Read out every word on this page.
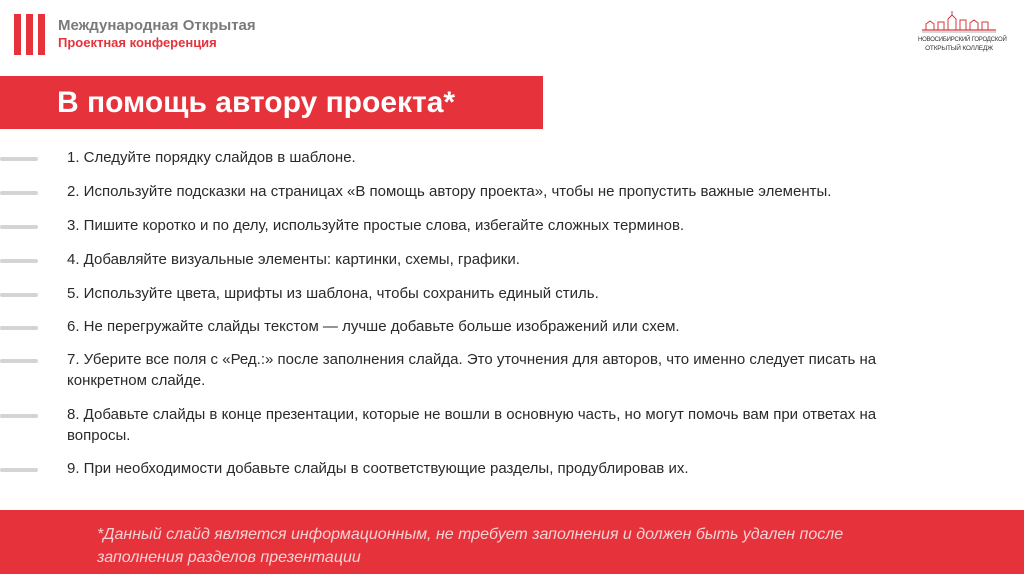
Международная Открытая
Проектная конференция	НОВОСИБИРСКИЙ ГОРОДСКОЙ
ОТКРЫТЫЙ КОЛЛЕДЖ
В помощь автору проекта*
1. Следуйте порядку слайдов в шаблоне.
2. Используйте подсказки на страницах «В помощь автору проекта», чтобы не пропустить важные элементы.
3. Пишите коротко и по делу, используйте простые слова, избегайте сложных терминов.
4. Добавляйте визуальные элементы: картинки, схемы, графики.
5. Используйте цвета, шрифты из шаблона, чтобы сохранить единый стиль.
6. Не перегружайте слайды текстом — лучше добавьте больше изображений или схем.
7. Уберите все поля с «Ред.:» после заполнения слайда. Это уточнения для авторов, что именно следует писать на конкретном слайде.
8. Добавьте слайды в конце презентации, которые не вошли в основную часть, но могут помочь вам при ответах на вопросы.
9. При необходимости добавьте слайды в соответствующие разделы, продублировав их.
*Данный слайд является информационным, не требует заполнения и должен быть удален после заполнения разделов презентации
